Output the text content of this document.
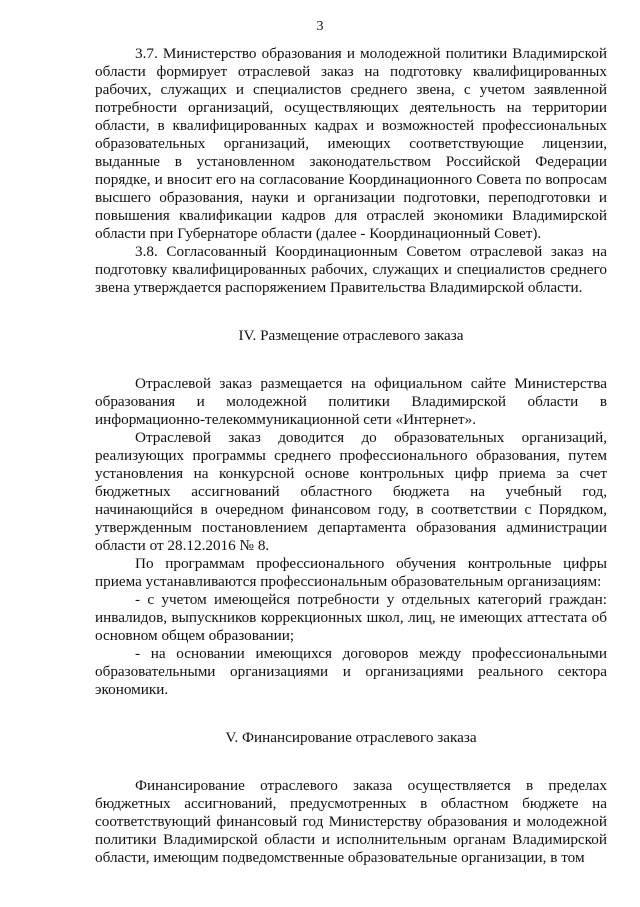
3

3.7. Министерство образования и молодежной политики Владимирской области формирует отраслевой заказ на подготовку квалифицированных рабочих, служащих и специалистов среднего звена, с учетом заявленной потребности организаций, осуществляющих деятельность на территории области, в квалифицированных кадрах и возможностей профессиональных образовательных организаций, имеющих соответствующие лицензии, выданные в установленном законодательством Российской Федерации порядке, и вносит его на согласование Координационного Совета по вопросам высшего образования, науки и организации подготовки, переподготовки и повышения квалификации кадров для отраслей экономики Владимирской области при Губернаторе области (далее - Координационный Совет).

3.8. Согласованный Координационным Советом отраслевой заказ на подготовку квалифицированных рабочих, служащих и специалистов среднего звена утверждается распоряжением Правительства Владимирской области.

IV. Размещение отраслевого заказа

Отраслевой заказ размещается на официальном сайте Министерства образования и молодежной политики Владимирской области в информационно-телекоммуникационной сети «Интернет».

Отраслевой заказ доводится до образовательных организаций, реализующих программы среднего профессионального образования, путем установления на конкурсной основе контрольных цифр приема за счет бюджетных ассигнований областного бюджета на учебный год, начинающийся в очередном финансовом году, в соответствии с Порядком, утвержденным постановлением департамента образования администрации области от 28.12.2016 № 8.

По программам профессионального обучения контрольные цифры приема устанавливаются профессиональным образовательным организациям:

- с учетом имеющейся потребности у отдельных категорий граждан: инвалидов, выпускников коррекционных школ, лиц, не имеющих аттестата об основном общем образовании;

- на основании имеющихся договоров между профессиональными образовательными организациями и организациями реального сектора экономики.

V. Финансирование отраслевого заказа

Финансирование отраслевого заказа осуществляется в пределах бюджетных ассигнований, предусмотренных в областном бюджете на соответствующий финансовый год Министерству образования и молодежной политики Владимирской области и исполнительным органам Владимирской области, имеющим подведомственные образовательные организации, в том
